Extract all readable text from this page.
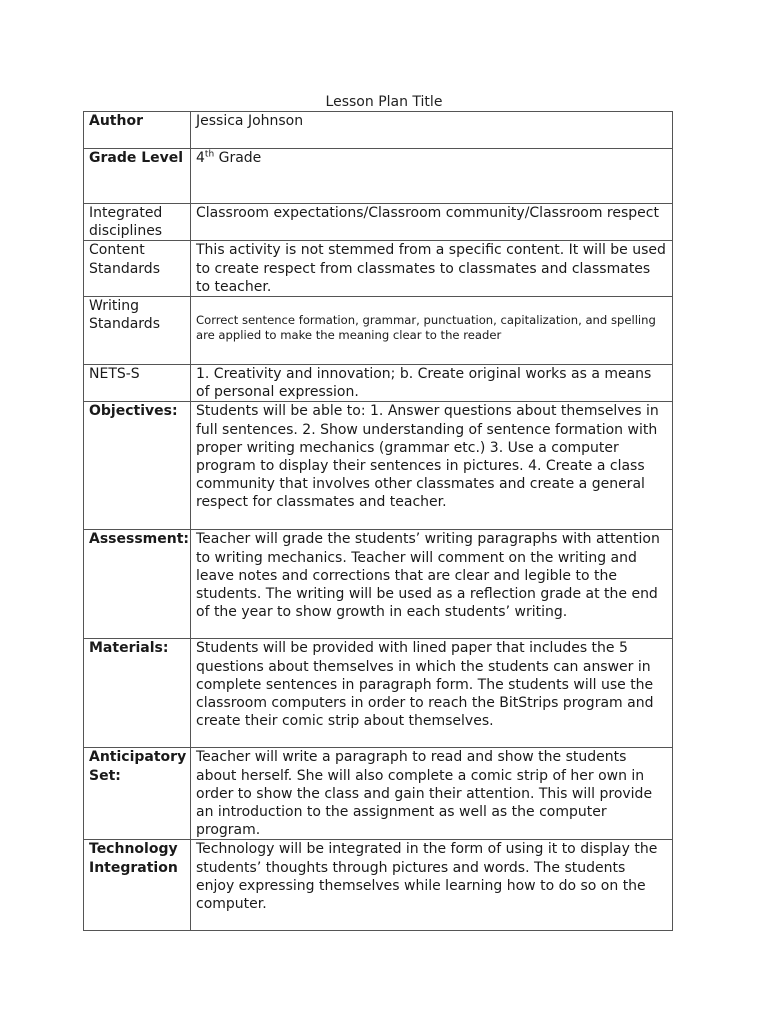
Lesson Plan Title
Author	Jessica Johnson
Grade Level	4th Grade
Integrated disciplines	Classroom expectations/Classroom community/Classroom respect
Content Standards	This activity is not stemmed from a specific content. It will be used to create respect from classmates to classmates and classmates to teacher.
Writing Standards	Correct sentence formation, grammar, punctuation, capitalization, and spelling are applied to make the meaning clear to the reader

NETS-S	1. Creativity and innovation; b. Create original works as a means of personal expression.
Objectives:	Students will be able to: 1. Answer questions about themselves in full sentences. 2. Show understanding of sentence formation with proper writing mechanics (grammar etc.) 3. Use a computer program to display their sentences in pictures. 4. Create a class community that involves other classmates and create a general respect for classmates and teacher.
Assessment:	Teacher will grade the students’ writing paragraphs with attention to writing mechanics. Teacher will comment on the writing and leave notes and corrections that are clear and legible to the students. The writing will be used as a reflection grade at the end of the year to show growth in each students’ writing.
Materials:	Students will be provided with lined paper that includes the 5 questions about themselves in which the students can answer in complete sentences in paragraph form. The students will use the classroom computers in order to reach the BitStrips program and create their comic strip about themselves.
Anticipatory Set:	Teacher will write a paragraph to read and show the students about herself. She will also complete a comic strip of her own in order to show the class and gain their attention. This will provide an introduction to the assignment as well as the computer program.
Technology Integration	Technology will be integrated in the form of using it to display the students’ thoughts through pictures and words. The students enjoy expressing themselves while learning how to do so on the computer.
